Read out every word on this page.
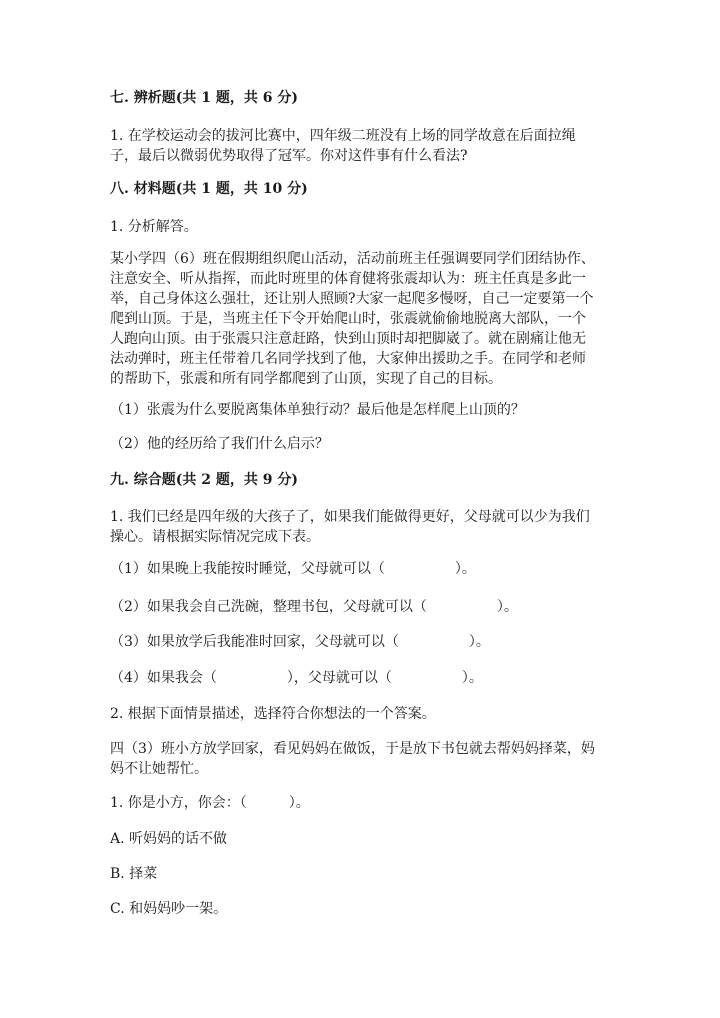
七. 辨析题(共 1 题，共 6 分)
1. 在学校运动会的拔河比赛中，四年级二班没有上场的同学故意在后面拉绳
子，最后以微弱优势取得了冠军。你对这件事有什么看法?
八. 材料题(共 1 题，共 10 分)
1. 分析解答。
某小学四（6）班在假期组织爬山活动，活动前班主任强调要同学们团结协作、
注意安全、听从指挥，而此时班里的体育健将张震却认为：班主任真是多此一
举，自己身体这么强壮，还让别人照顾?大家一起爬多慢呀，自己一定要第一个
爬到山顶。于是，当班主任下令开始爬山时，张震就偷偷地脱离大部队，一个
人跑向山顶。由于张震只注意赶路，快到山顶时却把脚崴了。就在剧痛让他无
法动弹时，班主任带着几名同学找到了他，大家伸出援助之手。在同学和老师
的帮助下，张震和所有同学都爬到了山顶，实现了自己的目标。
（1）张震为什么要脱离集体单独行动？最后他是怎样爬上山顶的？
（2）他的经历给了我们什么启示？
九. 综合题(共 2 题，共 9 分)
1. 我们已经是四年级的大孩子了，如果我们能做得更好，父母就可以少为我们
操心。请根据实际情况完成下表。
（1）如果晚上我能按时睡觉，父母就可以（　　　　　）。
（2）如果我会自己洗碗，整理书包，父母就可以（　　　　　）。
（3）如果放学后我能准时回家，父母就可以（　　　　　）。
（4）如果我会（　　　　　），父母就可以（　　　　　）。
2. 根据下面情景描述，选择符合你想法的一个答案。
四（3）班小方放学回家，看见妈妈在做饭，于是放下书包就去帮妈妈择菜，妈
妈不让她帮忙。
1. 你是小方，你会：（　　　）。
A. 听妈妈的话不做
B. 择菜
C. 和妈妈吵一架。
